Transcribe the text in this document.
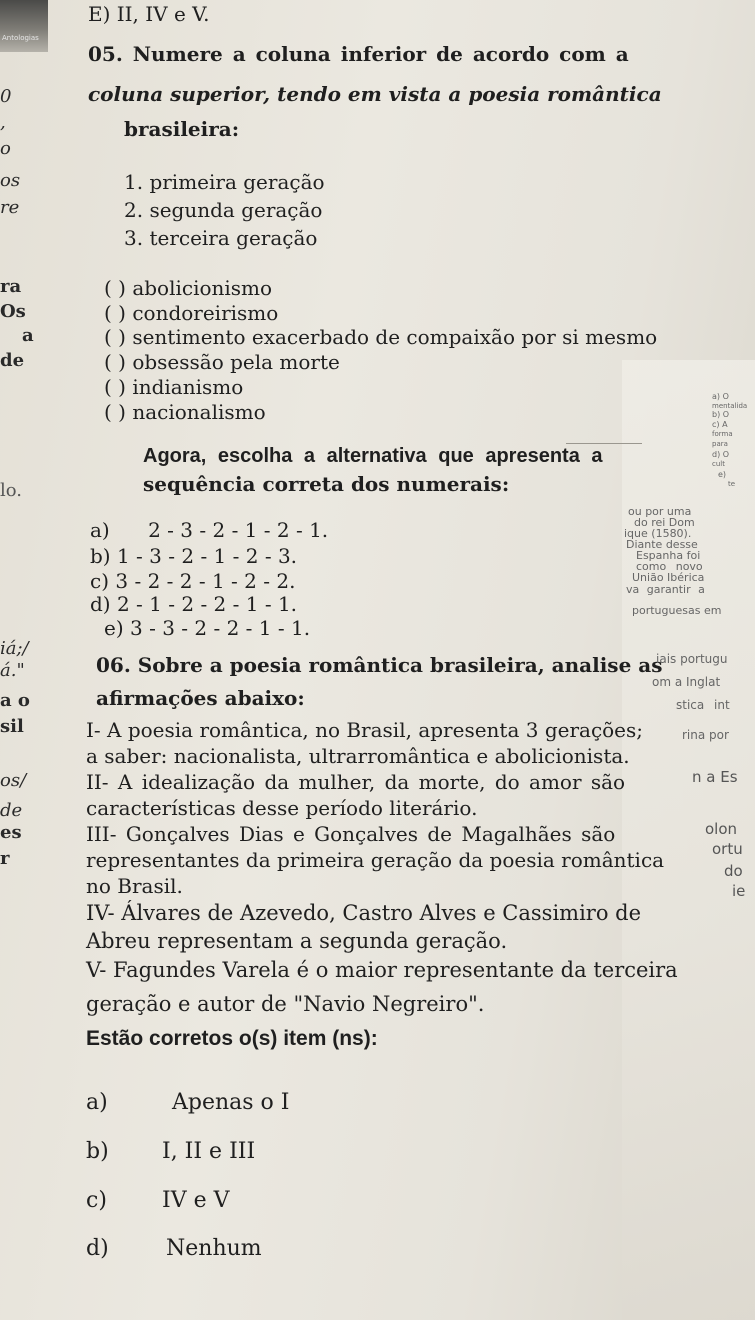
Antologias
E) II, IV e V.
05. Numere a coluna inferior de acordo com a
coluna superior, tendo em vista a poesia romântica
brasileira:
1. primeira geração
2. segunda geração
3. terceira geração
( ) abolicionismo
( ) condoreirismo
( ) sentimento exacerbado de compaixão por si mesmo
( ) obsessão pela morte
( ) indianismo
( ) nacionalismo
Agora, escolha a alternativa que apresenta a
sequência correta dos numerais:
a) 2 - 3 - 2 - 1 - 2 - 1.
b) 1 - 3 - 2 - 1 - 2 - 3.
c) 3 - 2 - 2 - 1 - 2 - 2.
d) 2 - 1 - 2 - 2 - 1 - 1.
e) 3 - 3 - 2 - 2 - 1 - 1.
06. Sobre a poesia romântica brasileira, analise as
afirmações abaixo:
I- A poesia romântica, no Brasil, apresenta 3 gerações;
a saber: nacionalista, ultrarromântica e abolicionista.
II- A idealização da mulher, da morte, do amor são
características desse período literário.
III- Gonçalves Dias e Gonçalves de Magalhães são
representantes da primeira geração da poesia romântica
no Brasil.
IV- Álvares de Azevedo, Castro Alves e Cassimiro de
Abreu representam a segunda geração.
V- Fagundes Varela é o maior representante da terceira
geração e autor de "Navio Negreiro".
Estão corretos o(s) item (ns):
a)	Apenas o I
b) I, II e III
c)	IV e V
d)	Nenhum
0
,
o
os
re
ra
Os
a
de
lo.
iá;/
á."
a o
sil
os/
de
es
r
a) O
mentalida
b) O
c) A
forma
para
d) O
cult
e)
te
ou por uma
do rei Dom
ique (1580).
Diante desse
Espanha foi
como novo
União Ibérica
va garantir a
portuguesas em
iais portugu
om a Inglat
stica int
rina por
n a Es
olon
ortu
do
ie
